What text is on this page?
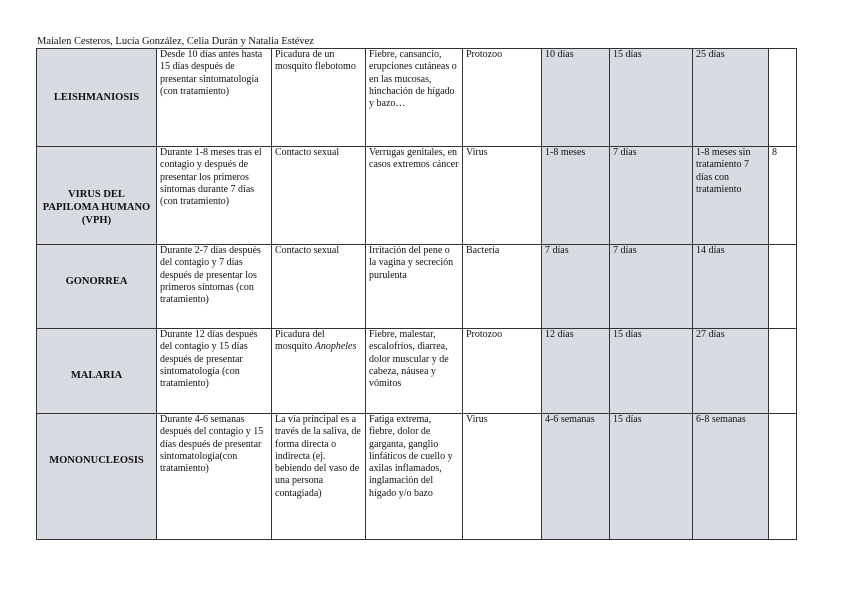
Maialen Cesteros, Lucía González, Celia Durán y Natalia Estévez
LEISHMANIOSIS	Desde 10 días antes hasta 15 días después de presentar sintomatología (con tratamiento)	Picadura de un mosquito flebotomo	Fiebre, cansancio, erupciones cutáneas o en las mucosas, hinchación de hígado y bazo…	Protozoo	10 días	15 días	25 días	
VIRUS DEL PAPILOMA HUMANO (VPH)	Durante 1-8 meses tras el contagio y después de presentar los primeros síntomas durante 7 días (con tratamiento)	Contacto sexual	Verrugas genitales, en casos extremos cáncer	Virus	1-8 meses	7 días	1-8 meses sin tratamiento 7 días con tratamiento	8
GONORREA	Durante 2-7 días después del contagio y 7 días después de presentar los primeros síntomas (con tratamiento)	Contacto sexual	Irritación del pene o la vagina y secreción purulenta	Bacteria	7 días	7 días	14 días	
MALARIA	Durante 12 días después del contagio y 15 días después de presentar sintomatología (con tratamiento)	Picadura del mosquito Anopheles	Fiebre, malestar, escalofríos, diarrea, dolor muscular y de cabeza, náusea y vómitos	Protozoo	12 días	15 días	27 días	
MONONUCLEOSIS	Durante 4-6 semanas después del contagio y 15 días después de presentar sintomatología(con tratamiento)	La vía principal es a través de la saliva, de forma directa o indirecta (ej. bebiendo del vaso de una persona contagiada)	Fatiga extrema, fiebre, dolor de garganta, ganglio linfáticos de cuello y axilas inflamados, inglamación del hígado y/o bazo	Virus	4-6 semanas	15 días	6-8 semanas	
